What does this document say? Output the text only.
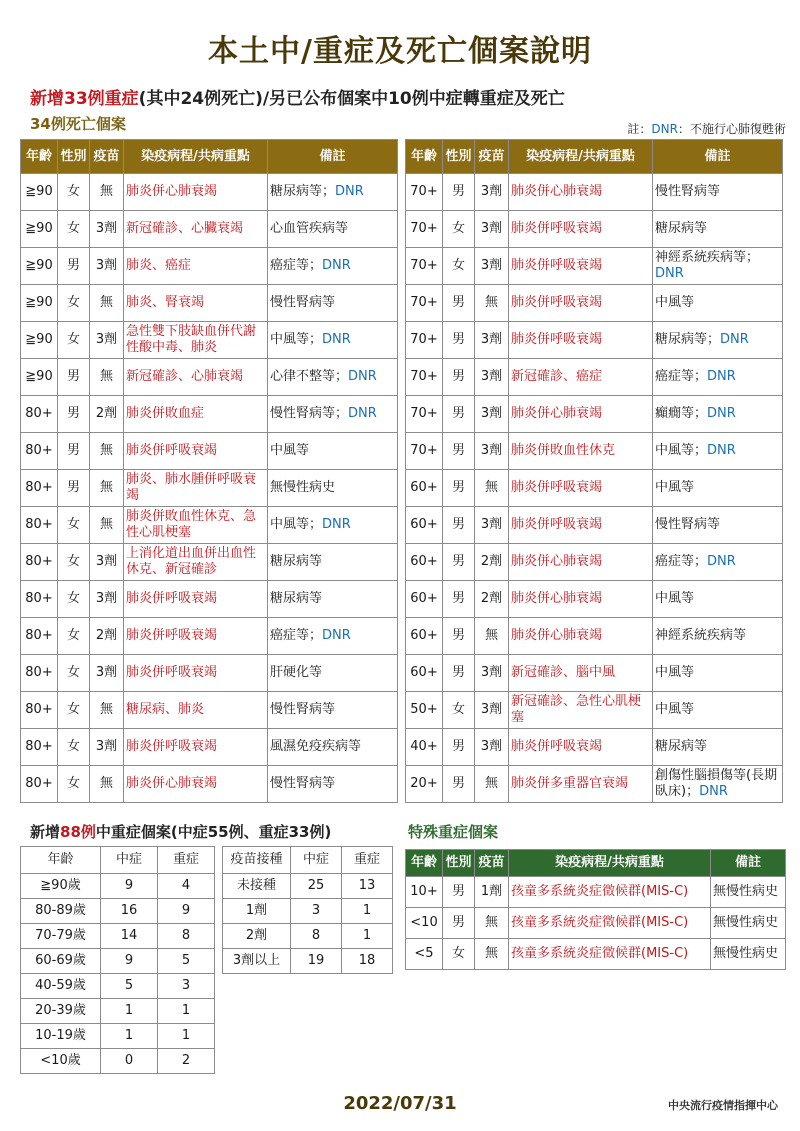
本土中/重症及死亡個案說明
新增33例重症(其中24例死亡)/另已公布個案中10例中症轉重症及死亡
34例死亡個案	註：DNR：不施行心肺復甦術
年齡	性別	疫苗	染疫病程/共病重點	備註
≧90	女	無	肺炎併心肺衰竭	糖尿病等；DNR
≧90	女	3劑	新冠確診、心臟衰竭	心血管疾病等
≧90	男	3劑	肺炎、癌症	癌症等；DNR
≧90	女	無	肺炎、腎衰竭	慢性腎病等
≧90	女	3劑	急性雙下肢缺血併代謝性酸中毒、肺炎	中風等；DNR
≧90	男	無	新冠確診、心肺衰竭	心律不整等；DNR
80+	男	2劑	肺炎併敗血症	慢性腎病等；DNR
80+	男	無	肺炎併呼吸衰竭	中風等
80+	男	無	肺炎、肺水腫併呼吸衰竭	無慢性病史
80+	女	無	肺炎併敗血性休克、急性心肌梗塞	中風等；DNR
80+	女	3劑	上消化道出血併出血性休克、新冠確診	糖尿病等
80+	女	3劑	肺炎併呼吸衰竭	糖尿病等
80+	女	2劑	肺炎併呼吸衰竭	癌症等；DNR
80+	女	3劑	肺炎併呼吸衰竭	肝硬化等
80+	女	無	糖尿病、肺炎	慢性腎病等
80+	女	3劑	肺炎併呼吸衰竭	風濕免疫疾病等
80+	女	無	肺炎併心肺衰竭	慢性腎病等
年齡	性別	疫苗	染疫病程/共病重點	備註
70+	男	3劑	肺炎併心肺衰竭	慢性腎病等
70+	女	3劑	肺炎併呼吸衰竭	糖尿病等
70+	女	3劑	肺炎併呼吸衰竭	神經系統疾病等；DNR
70+	男	無	肺炎併呼吸衰竭	中風等
70+	男	3劑	肺炎併呼吸衰竭	糖尿病等；DNR
70+	男	3劑	新冠確診、癌症	癌症等；DNR
70+	男	3劑	肺炎併心肺衰竭	癲癇等；DNR
70+	男	3劑	肺炎併敗血性休克	中風等；DNR
60+	男	無	肺炎併呼吸衰竭	中風等
60+	男	3劑	肺炎併呼吸衰竭	慢性腎病等
60+	男	2劑	肺炎併心肺衰竭	癌症等；DNR
60+	男	2劑	肺炎併心肺衰竭	中風等
60+	男	無	肺炎併心肺衰竭	神經系統疾病等
60+	男	3劑	新冠確診、腦中風	中風等
50+	女	3劑	新冠確診、急性心肌梗塞	中風等
40+	男	3劑	肺炎併呼吸衰竭	糖尿病等
20+	男	無	肺炎併多重器官衰竭	創傷性腦損傷等(長期臥床)；DNR
新增88例中重症個案(中症55例、重症33例)
年齡	中症	重症
≧90歲	9	4
80-89歲	16	9
70-79歲	14	8
60-69歲	9	5
40-59歲	5	3
20-39歲	1	1
10-19歲	1	1
<10歲	0	2
疫苗接種	中症	重症
未接種	25	13
1劑	3	1
2劑	8	1
3劑以上	19	18
特殊重症個案
年齡	性別	疫苗	染疫病程/共病重點	備註
10+	男	1劑	孩童多系統炎症徵候群(MIS-C)	無慢性病史
<10	男	無	孩童多系統炎症徵候群(MIS-C)	無慢性病史
<5	女	無	孩童多系統炎症徵候群(MIS-C)	無慢性病史
2022/07/31	中央流行疫情指揮中心
